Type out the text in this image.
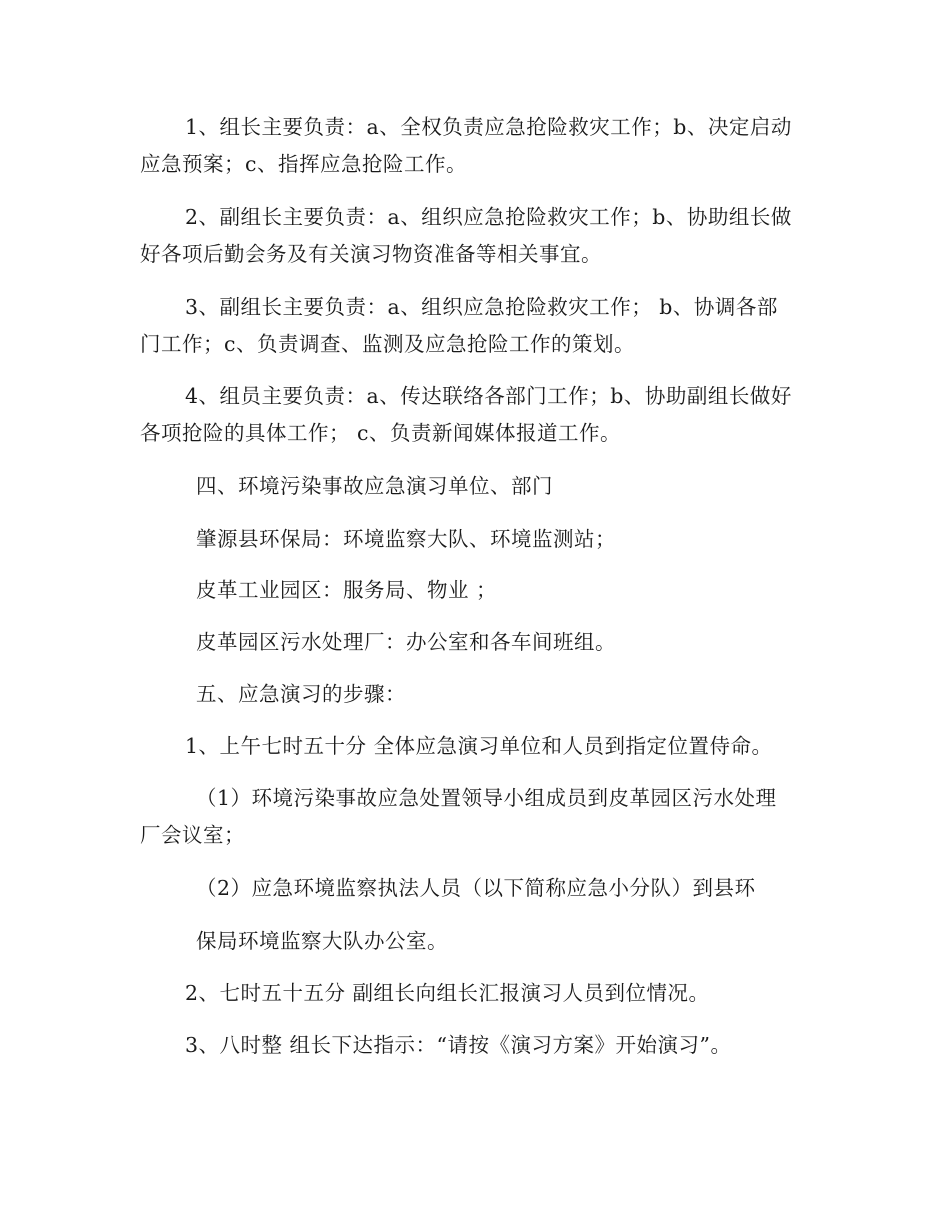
1、组长主要负责：a、全权负责应急抢险救灾工作；b、决定启动
应急预案；c、指挥应急抢险工作。
2、副组长主要负责：a、组织应急抢险救灾工作；b、协助组长做
好各项后勤会务及有关演习物资准备等相关事宜。
3、副组长主要负责：a、组织应急抢险救灾工作； b、协调各部
门工作；c、负责调查、监测及应急抢险工作的策划。
4、组员主要负责：a、传达联络各部门工作；b、协助副组长做好
各项抢险的具体工作； c、负责新闻媒体报道工作。
四、环境污染事故应急演习单位、部门
肇源县环保局：环境监察大队、环境监测站；
皮革工业园区：服务局、物业 ；
皮革园区污水处理厂：办公室和各车间班组。
五、应急演习的步骤：
1、上午七时五十分 全体应急演习单位和人员到指定位置侍命。
（1）环境污染事故应急处置领导小组成员到皮革园区污水处理
厂会议室；
（2）应急环境监察执法人员（以下简称应急小分队）到县环
保局环境监察大队办公室。
2、七时五十五分 副组长向组长汇报演习人员到位情况。
3、八时整 组长下达指示：“请按《演习方案》开始演习”。
